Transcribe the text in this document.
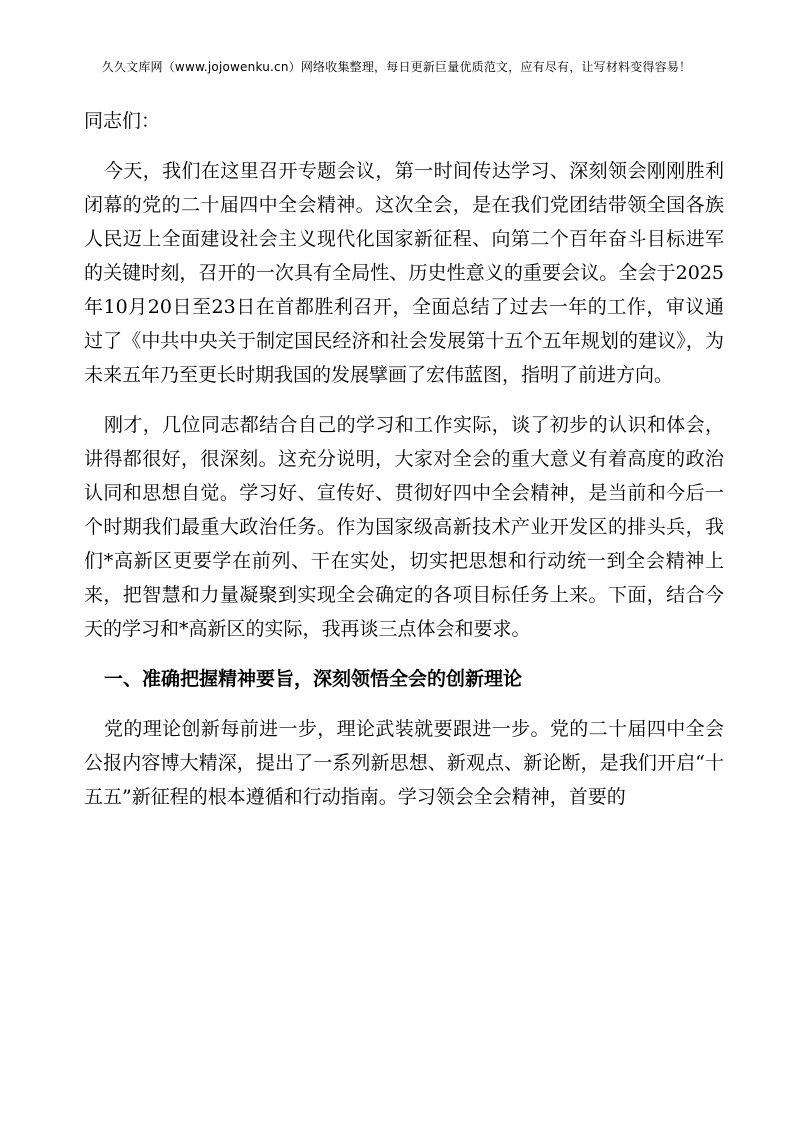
久久文库网（www.jojowenku.cn）网络收集整理，每日更新巨量优质范文，应有尽有，让写材料变得容易！

同志们：

今天，我们在这里召开专题会议，第一时间传达学习、深刻领会刚刚胜利闭幕的党的二十届四中全会精神。这次全会，是在我们党团结带领全国各族人民迈上全面建设社会主义现代化国家新征程、向第二个百年奋斗目标进军的关键时刻，召开的一次具有全局性、历史性意义的重要会议。全会于2025年10月20日至23日在首都胜利召开，全面总结了过去一年的工作，审议通过了《中共中央关于制定国民经济和社会发展第十五个五年规划的建议》，为未来五年乃至更长时期我国的发展擘画了宏伟蓝图，指明了前进方向。

刚才，几位同志都结合自己的学习和工作实际，谈了初步的认识和体会，讲得都很好，很深刻。这充分说明，大家对全会的重大意义有着高度的政治认同和思想自觉。学习好、宣传好、贯彻好四中全会精神，是当前和今后一个时期我们最重大政治任务。作为国家级高新技术产业开发区的排头兵，我们*高新区更要学在前列、干在实处，切实把思想和行动统一到全会精神上来，把智慧和力量凝聚到实现全会确定的各项目标任务上来。下面，结合今天的学习和*高新区的实际，我再谈三点体会和要求。

一、准确把握精神要旨，深刻领悟全会的创新理论

党的理论创新每前进一步，理论武装就要跟进一步。党的二十届四中全会公报内容博大精深，提出了一系列新思想、新观点、新论断，是我们开启“十五五”新征程的根本遵循和行动指南。学习领会全会精神，首要的
